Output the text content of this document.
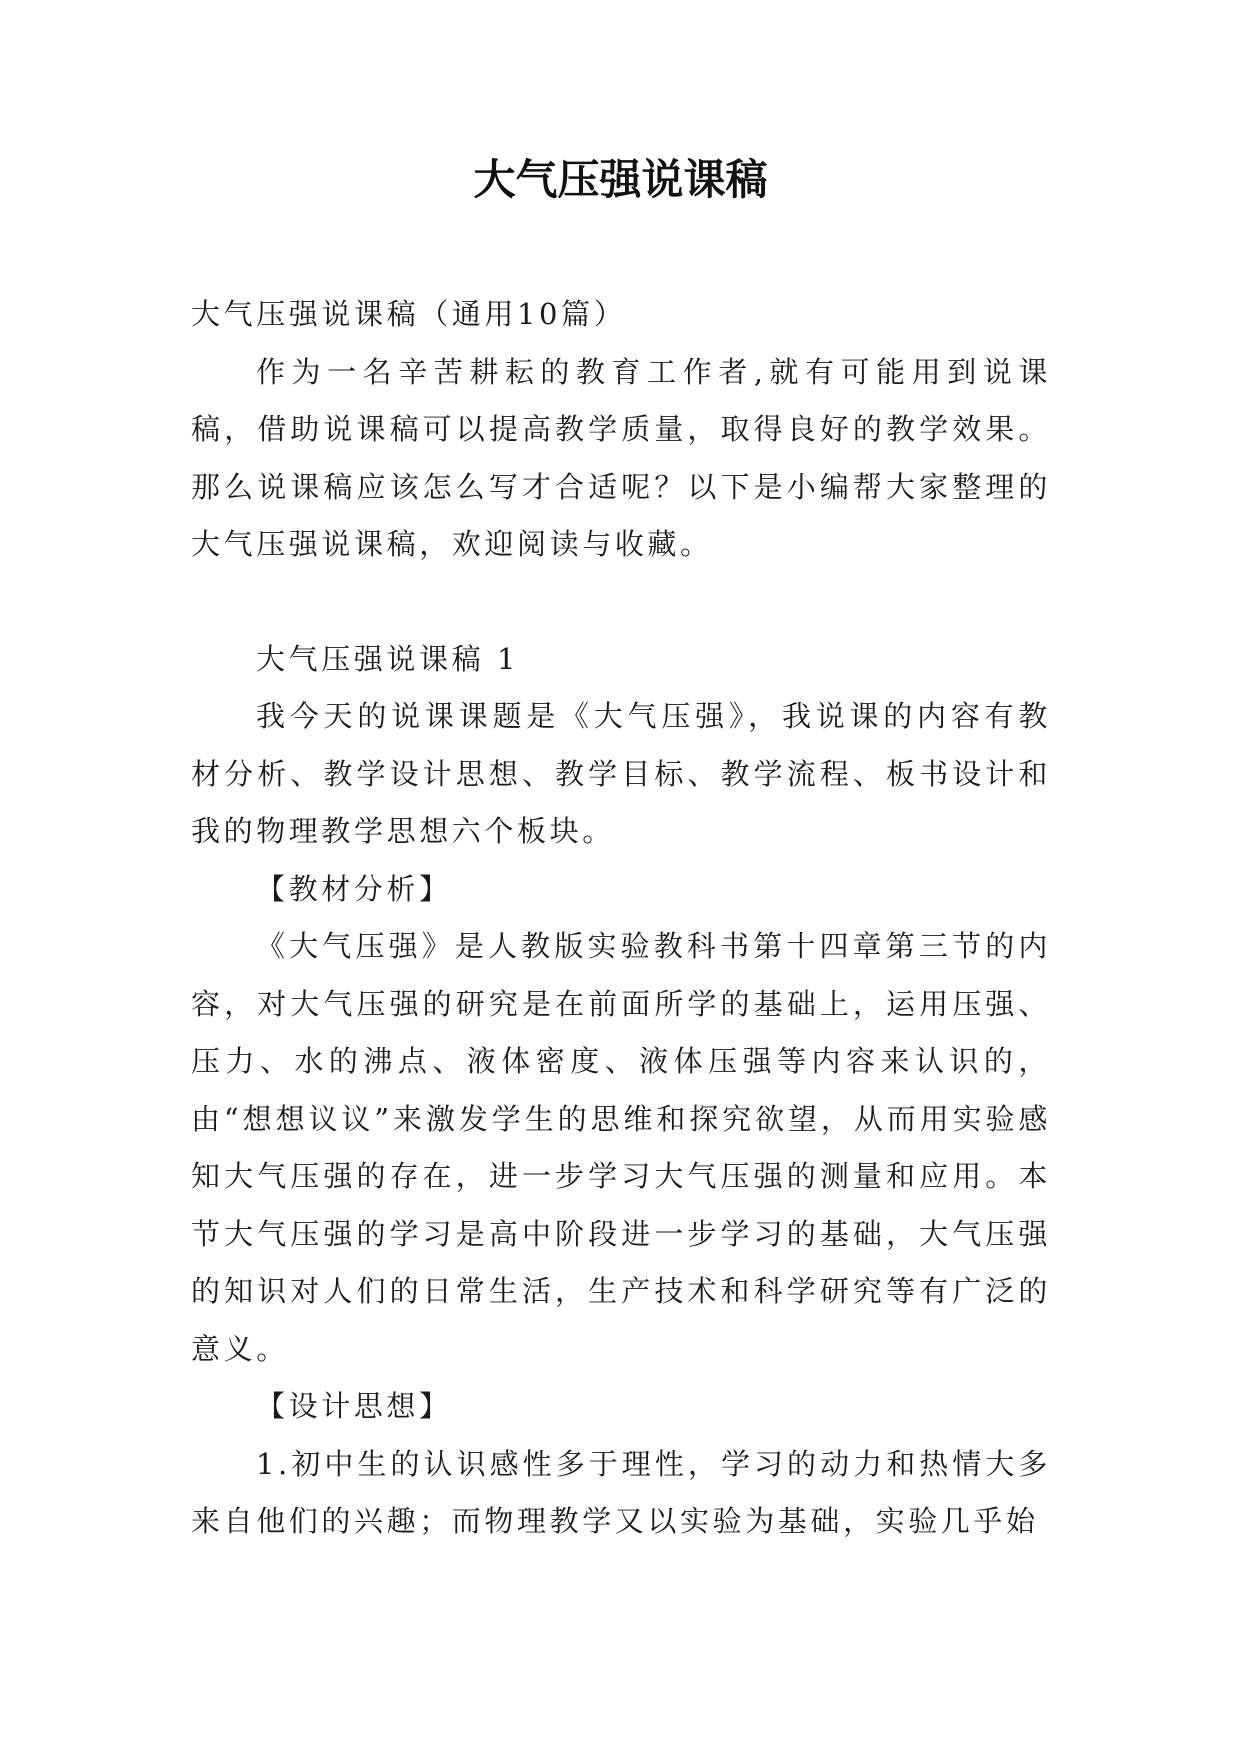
大气压强说课稿

大气压强说课稿（通用10篇）

作为一名辛苦耕耘的教育工作者,就有可能用到说课稿，借助说课稿可以提高教学质量，取得良好的教学效果。那么说课稿应该怎么写才合适呢？以下是小编帮大家整理的大气压强说课稿，欢迎阅读与收藏。

大气压强说课稿 1

我今天的说课课题是《大气压强》，我说课的内容有教材分析、教学设计思想、教学目标、教学流程、板书设计和我的物理教学思想六个板块。

【教材分析】

《大气压强》是人教版实验教科书第十四章第三节的内容，对大气压强的研究是在前面所学的基础上，运用压强、压力、水的沸点、液体密度、液体压强等内容来认识的，由“想想议议”来激发学生的思维和探究欲望，从而用实验感知大气压强的存在，进一步学习大气压强的测量和应用。本节大气压强的学习是高中阶段进一步学习的基础，大气压强的知识对人们的日常生活，生产技术和科学研究等有广泛的意义。

【设计思想】

1.初中生的认识感性多于理性，学习的动力和热情大多来自他们的兴趣；而物理教学又以实验为基础，实验几乎始
